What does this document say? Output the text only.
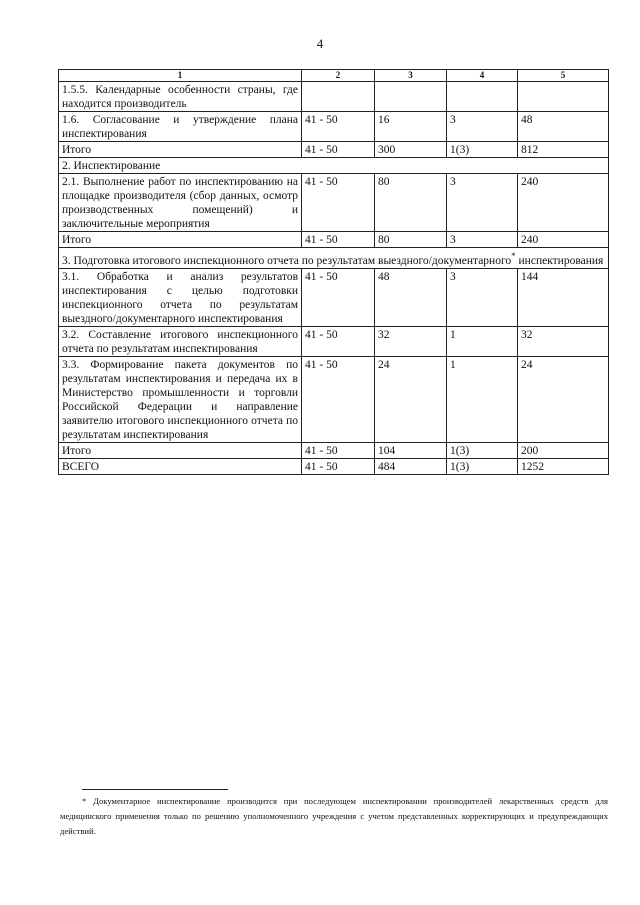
4
1	2	3	4	5
1.5.5. Календарные особенности страны, где находится производитель				
1.6. Согласование и утверждение плана инспектирования	41 - 50	16	3	48
Итого	41 - 50	300	1(3)	812
2. Инспектирование				
2.1. Выполнение работ по инспектированию на площадке производителя (сбор данных, осмотр производственных помещений) и заключительные мероприятия	41 - 50	80	3	240
Итого	41 - 50	80	3	240
3. Подготовка итогового инспекционного отчета по результатам выездного/документарного* инспектирования				
3.1. Обработка и анализ результатов инспектирования с целью подготовки инспекционного отчета по результатам выездного/документарного инспектирования	41 - 50	48	3	144
3.2. Составление итогового инспекционного отчета по результатам инспектирования	41 - 50	32	1	32
3.3. Формирование пакета документов по результатам инспектирования и передача их в Министерство промышленности и торговли Российской Федерации и направление заявителю итогового инспекционного отчета по результатам инспектирования	41 - 50	24	1	24
Итого	41 - 50	104	1(3)	200
ВСЕГО	41 - 50	484	1(3)	1252
* Документарное инспектирование производится при последующем инспектировании производителей лекарственных средств для медицинского применения только по решению уполномоченного учреждения с учетом представленных корректирующих и предупреждающих действий.
